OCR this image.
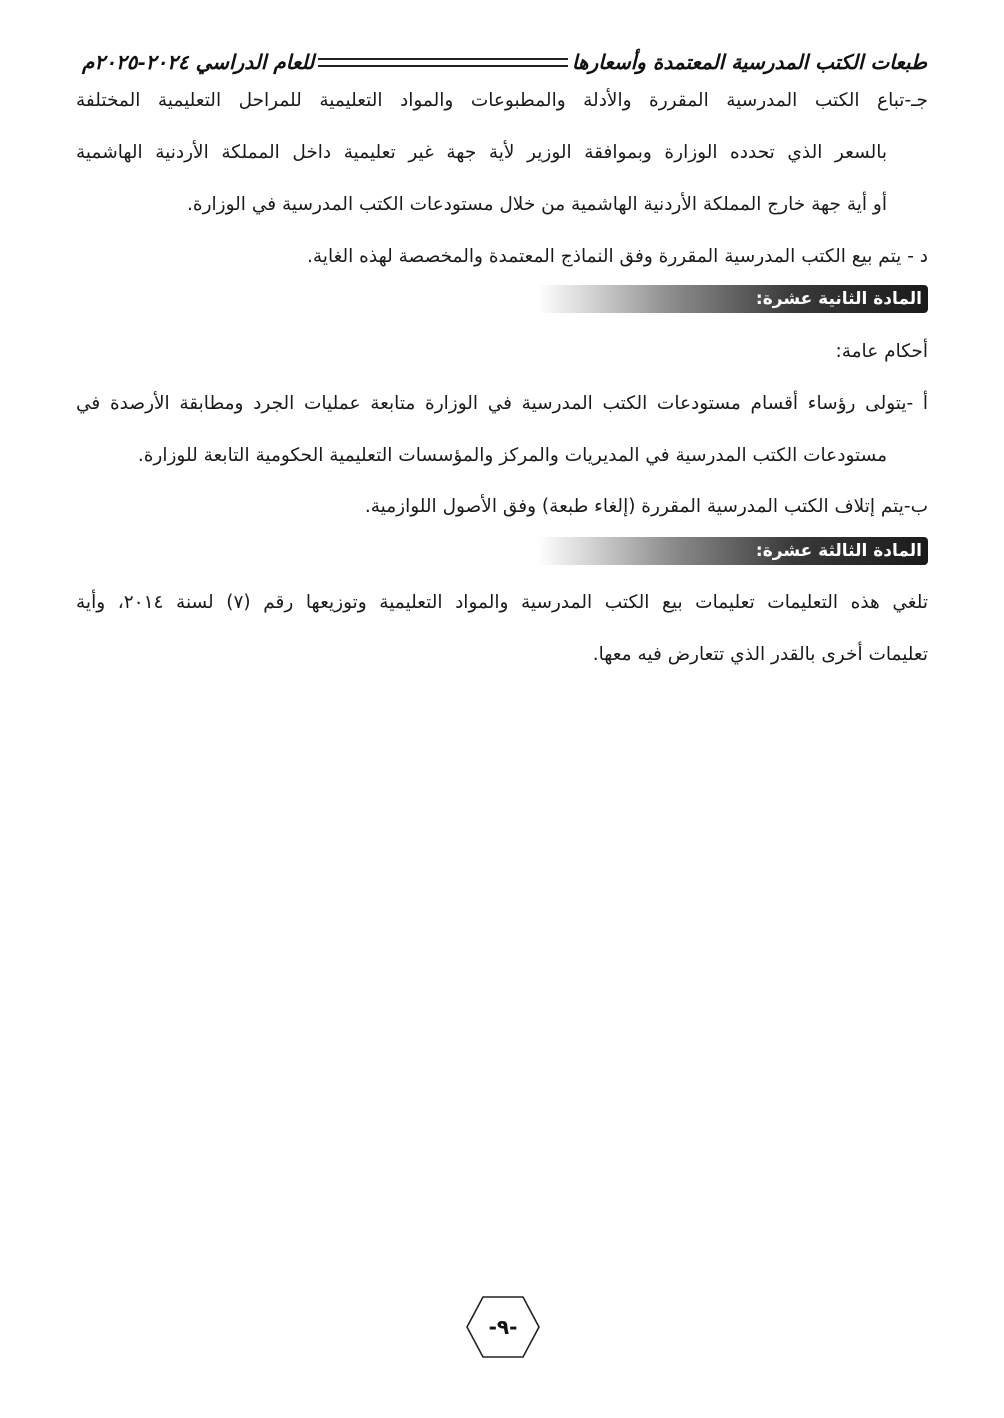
طبعات الكتب المدرسية المعتمدة وأسعارها
للعام الدراسي ٢٠٢٤-٢٠٢٥م
جـ-تباع الكتب المدرسية المقررة والأدلة والمطبوعات والمواد التعليمية للمراحل التعليمية المختلفة
بالسعر الذي تحدده الوزارة وبموافقة الوزير لأية جهة غير تعليمية داخل المملكة الأردنية الهاشمية
أو أية جهة خارج المملكة الأردنية الهاشمية من خلال مستودعات الكتب المدرسية في الوزارة.
د - يتم بيع الكتب المدرسية المقررة وفق النماذج المعتمدة والمخصصة لهذه الغاية.
المادة الثانية عشرة:
أحكام عامة:
أ -يتولى رؤساء أقسام مستودعات الكتب المدرسية في الوزارة متابعة عمليات الجرد ومطابقة الأرصدة في
مستودعات الكتب المدرسية في المديريات والمركز والمؤسسات التعليمية الحكومية التابعة للوزارة.
ب-يتم إتلاف الكتب المدرسية المقررة (إلغاء طبعة) وفق الأصول اللوازمية.
المادة الثالثة عشرة:
تلغي هذه التعليمات تعليمات بيع الكتب المدرسية والمواد التعليمية وتوزيعها رقم (٧) لسنة ٢٠١٤، وأية
تعليمات أخرى بالقدر الذي تتعارض فيه معها.
-٩-
